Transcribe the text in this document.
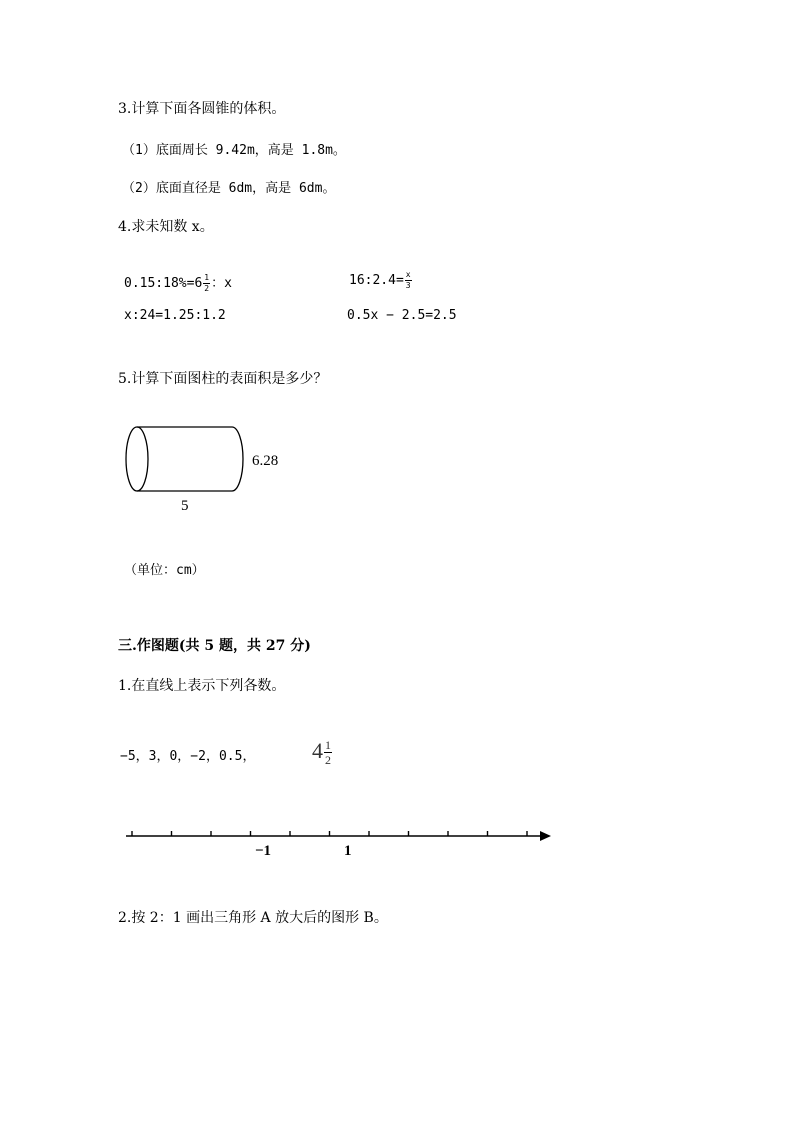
3.计算下面各圆锥的体积。
（1）底面周长 9.42m，高是 1.8m。
（2）底面直径是 6dm，高是 6dm。
4.求未知数 x。
0.15:18%=6 $\frac{1}{2}$ ：x	16:2.4= $\frac{x}{3}$
x:24=1.25:1.2	0.5x − 2.5=2.5
5.计算下面图柱的表面积是多少？
6.28
5
（单位：cm）
三.作图题(共 5 题，共 27 分)
1.在直线上表示下列各数。
−5，3，0，−2，0.5，	$4 \frac{1}{2}$
−1	1
2.按 2：1 画出三角形 A 放大后的图形 B。
